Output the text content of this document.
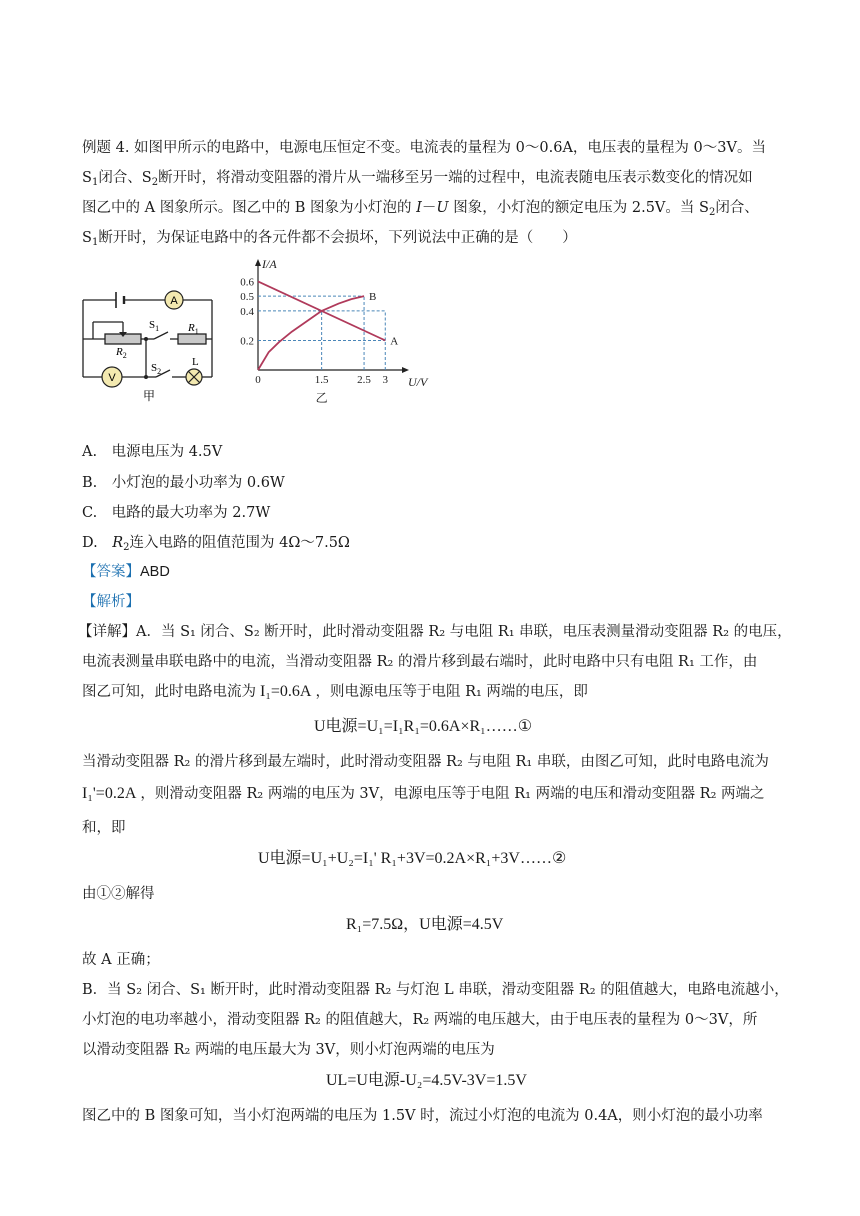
例题 4. 如图甲所示的电路中，电源电压恒定不变。电流表的量程为 0～0.6A，电压表的量程为 0～3V。当
$S_1$闭合、$S_2$断开时，将滑动变阻器的滑片从一端移至另一端的过程中，电流表随电压表示数变化的情况如
图乙中的 A 图象所示。图乙中的 B 图象为小灯泡的 I－U 图象，小灯泡的额定电压为 2.5V。当 $S_2$闭合、
$S_1$断开时，为保证电路中的各元件都不会损坏，下列说法中正确的是（　　）
A
V
$S_1$	$R_1$
$R_2$
$S_2$
L
甲
A
B
0.2
0.4
0.5
0.6
0	1.5	2.5 3
I/A
U/V
乙
A.　电源电压为 4.5V
B.　小灯泡的最小功率为 0.6W
C.　电路的最大功率为 2.7W
D.　$R_2$连入电路的阻值范围为 4Ω～7.5Ω
【答案】ABD
【解析】
【详解】A．当 S₁ 闭合、S₂ 断开时，此时滑动变阻器 R₂ 与电阻 R₁ 串联，电压表测量滑动变阻器 R₂ 的电压，
电流表测量串联电路中的电流，当滑动变阻器 R₂ 的滑片移到最右端时，此时电路中只有电阻 R₁ 工作，由
图乙可知，此时电路电流为 I₁=0.6A ，则电源电压等于电阻 R₁ 两端的电压，即
U电源=U₁=I₁R₁=0.6A×R₁……①
当滑动变阻器 R₂ 的滑片移到最左端时，此时滑动变阻器 R₂ 与电阻 R₁ 串联，由图乙可知，此时电路电流为
I₁'=0.2A ，则滑动变阻器 R₂ 两端的电压为 3V，电源电压等于电阻 R₁ 两端的电压和滑动变阻器 R₂ 两端之
和，即
U电源=U₁+U₂=I₁' R₁+3V=0.2A×R₁+3V……②
由①②解得
R₁=7.5Ω，U电源=4.5V
故 A 正确；
B．当 S₂ 闭合、S₁ 断开时，此时滑动变阻器 R₂ 与灯泡 L 串联，滑动变阻器 R₂ 的阻值越大，电路电流越小，
小灯泡的电功率越小，滑动变阻器 R₂ 的阻值越大，R₂ 两端的电压越大，由于电压表的量程为 0～3V，所
以滑动变阻器 R₂ 两端的电压最大为 3V，则小灯泡两端的电压为
UL=U电源-U₂=4.5V-3V=1.5V
图乙中的 B 图象可知，当小灯泡两端的电压为 1.5V 时，流过小灯泡的电流为 0.4A，则小灯泡的最小功率
